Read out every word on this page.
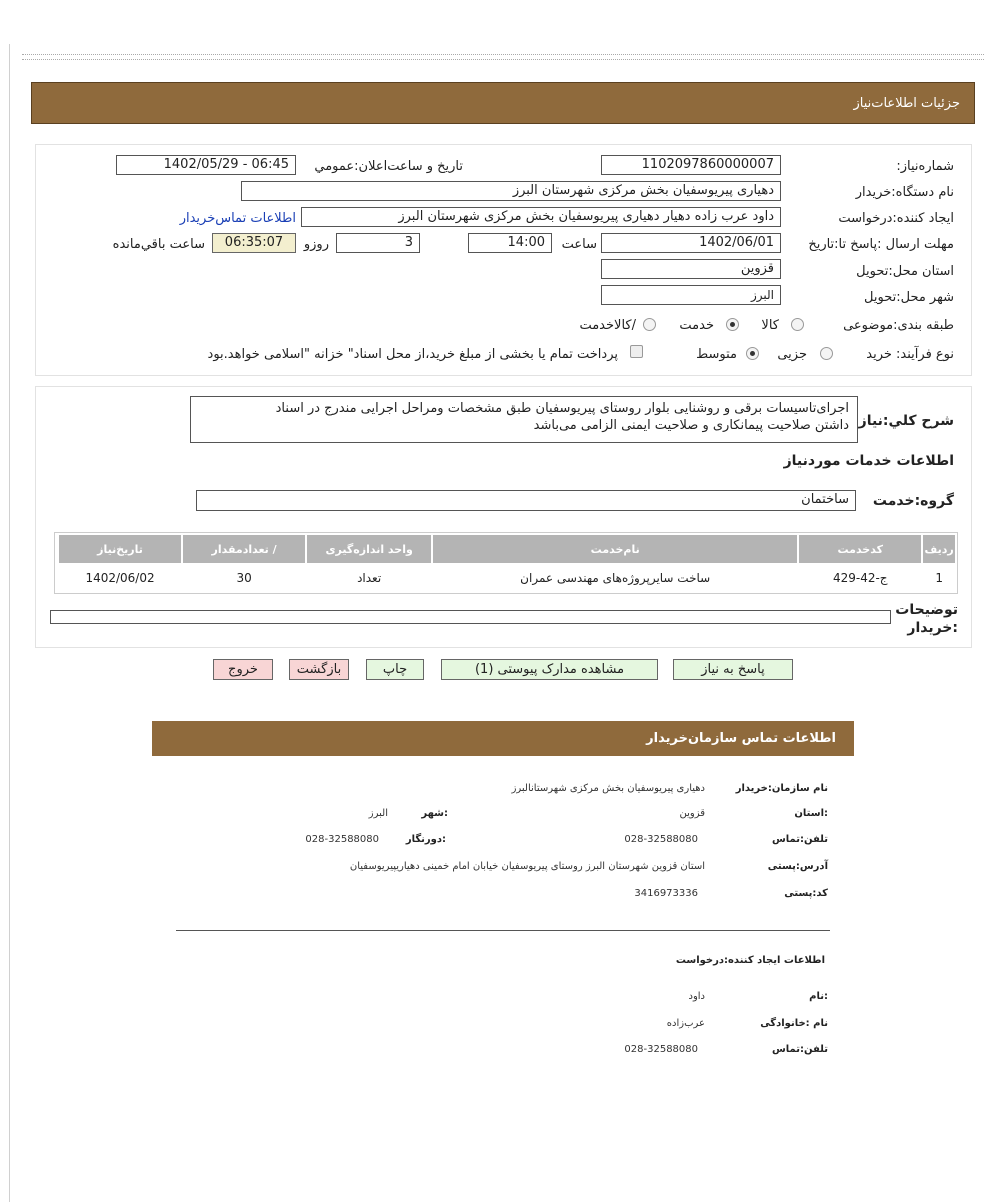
جزئيات اطلاعات‌نیاز
شماره‌نیاز:
1102097860000007
تاريخ و ساعت‌اعلان‌:عمومي
1402/05/29 - 06:45
نام دستگاه‌:خريدار
دهیاری پیریوسفیان بخش مرکزی شهرستان البرز
ايجاد کننده‌:درخواست
داود عرب زاده دهیار دهیاری پیریوسفیان بخش مرکزی شهرستان البرز
اطلاعات تماس‌خريدار
مهلت ارسال :پاسخ تا‌:تاريخ
1402/06/01
ساعت
14:00
3
روزو
06:35:07
ساعت باقي‌مانده
استان محل‌:تحويل
قزوین
شهر محل‌:تحويل
البرز
طبقه بندی‌:موضوعی
کالا
خدمت
/کالاخدمت
نوع فرآیند: خرید
جزیی
متوسط
پرداخت تمام یا بخشی از مبلغ خرید،از محل اسناد" خزانه "اسلامی خواهد.بود
شرح کلي:نياز
اجرای‌تاسیسات برقی و روشنایی بلوار روستای پیریوسفیان طبق مشخصات ومراحل اجرایی مندرج در اسناد
داشتن صلاحیت پیمانکاری و صلاحیت ایمنی الزامی می‌باشد
اطلاعات خدمات موردنياز
گروه:خدمت
ساختمان
رديف	کدخدمت	نام‌خدمت	واحد اندازه‌گيری	/ تعدادمقدار	تاريخ‌نياز
1	ج-42-429	ساخت سایرپروژه‌های مهندسی عمران	تعداد	30	1402/06/02
توضيحات
:خريدار
پاسخ به نياز
مشاهده مدارک پيوستی (1)
چاپ
بازگشت
خروج
اطلاعات تماس سازمان‌خريدار
نام سازمان:خريدار
دهیاری پیریوسفیان بخش مرکزی شهرستانالبرز
:استان
قزوین
:شهر
البرز
تلفن‌:تماس
028-32588080
:دورنگار
028-32588080
آدرس‌:پستی
استان قزوین شهرستان البرز روستای پیریوسفیان خیابان امام خمینی دهیاریپیریوسفیان
کد‌:پستی
3416973336
اطلاعات ايجاد کننده‌:درخواست
:نام
داود
نام :خانوادگی
عرب‌زاده
تلفن‌:تماس
028-32588080
